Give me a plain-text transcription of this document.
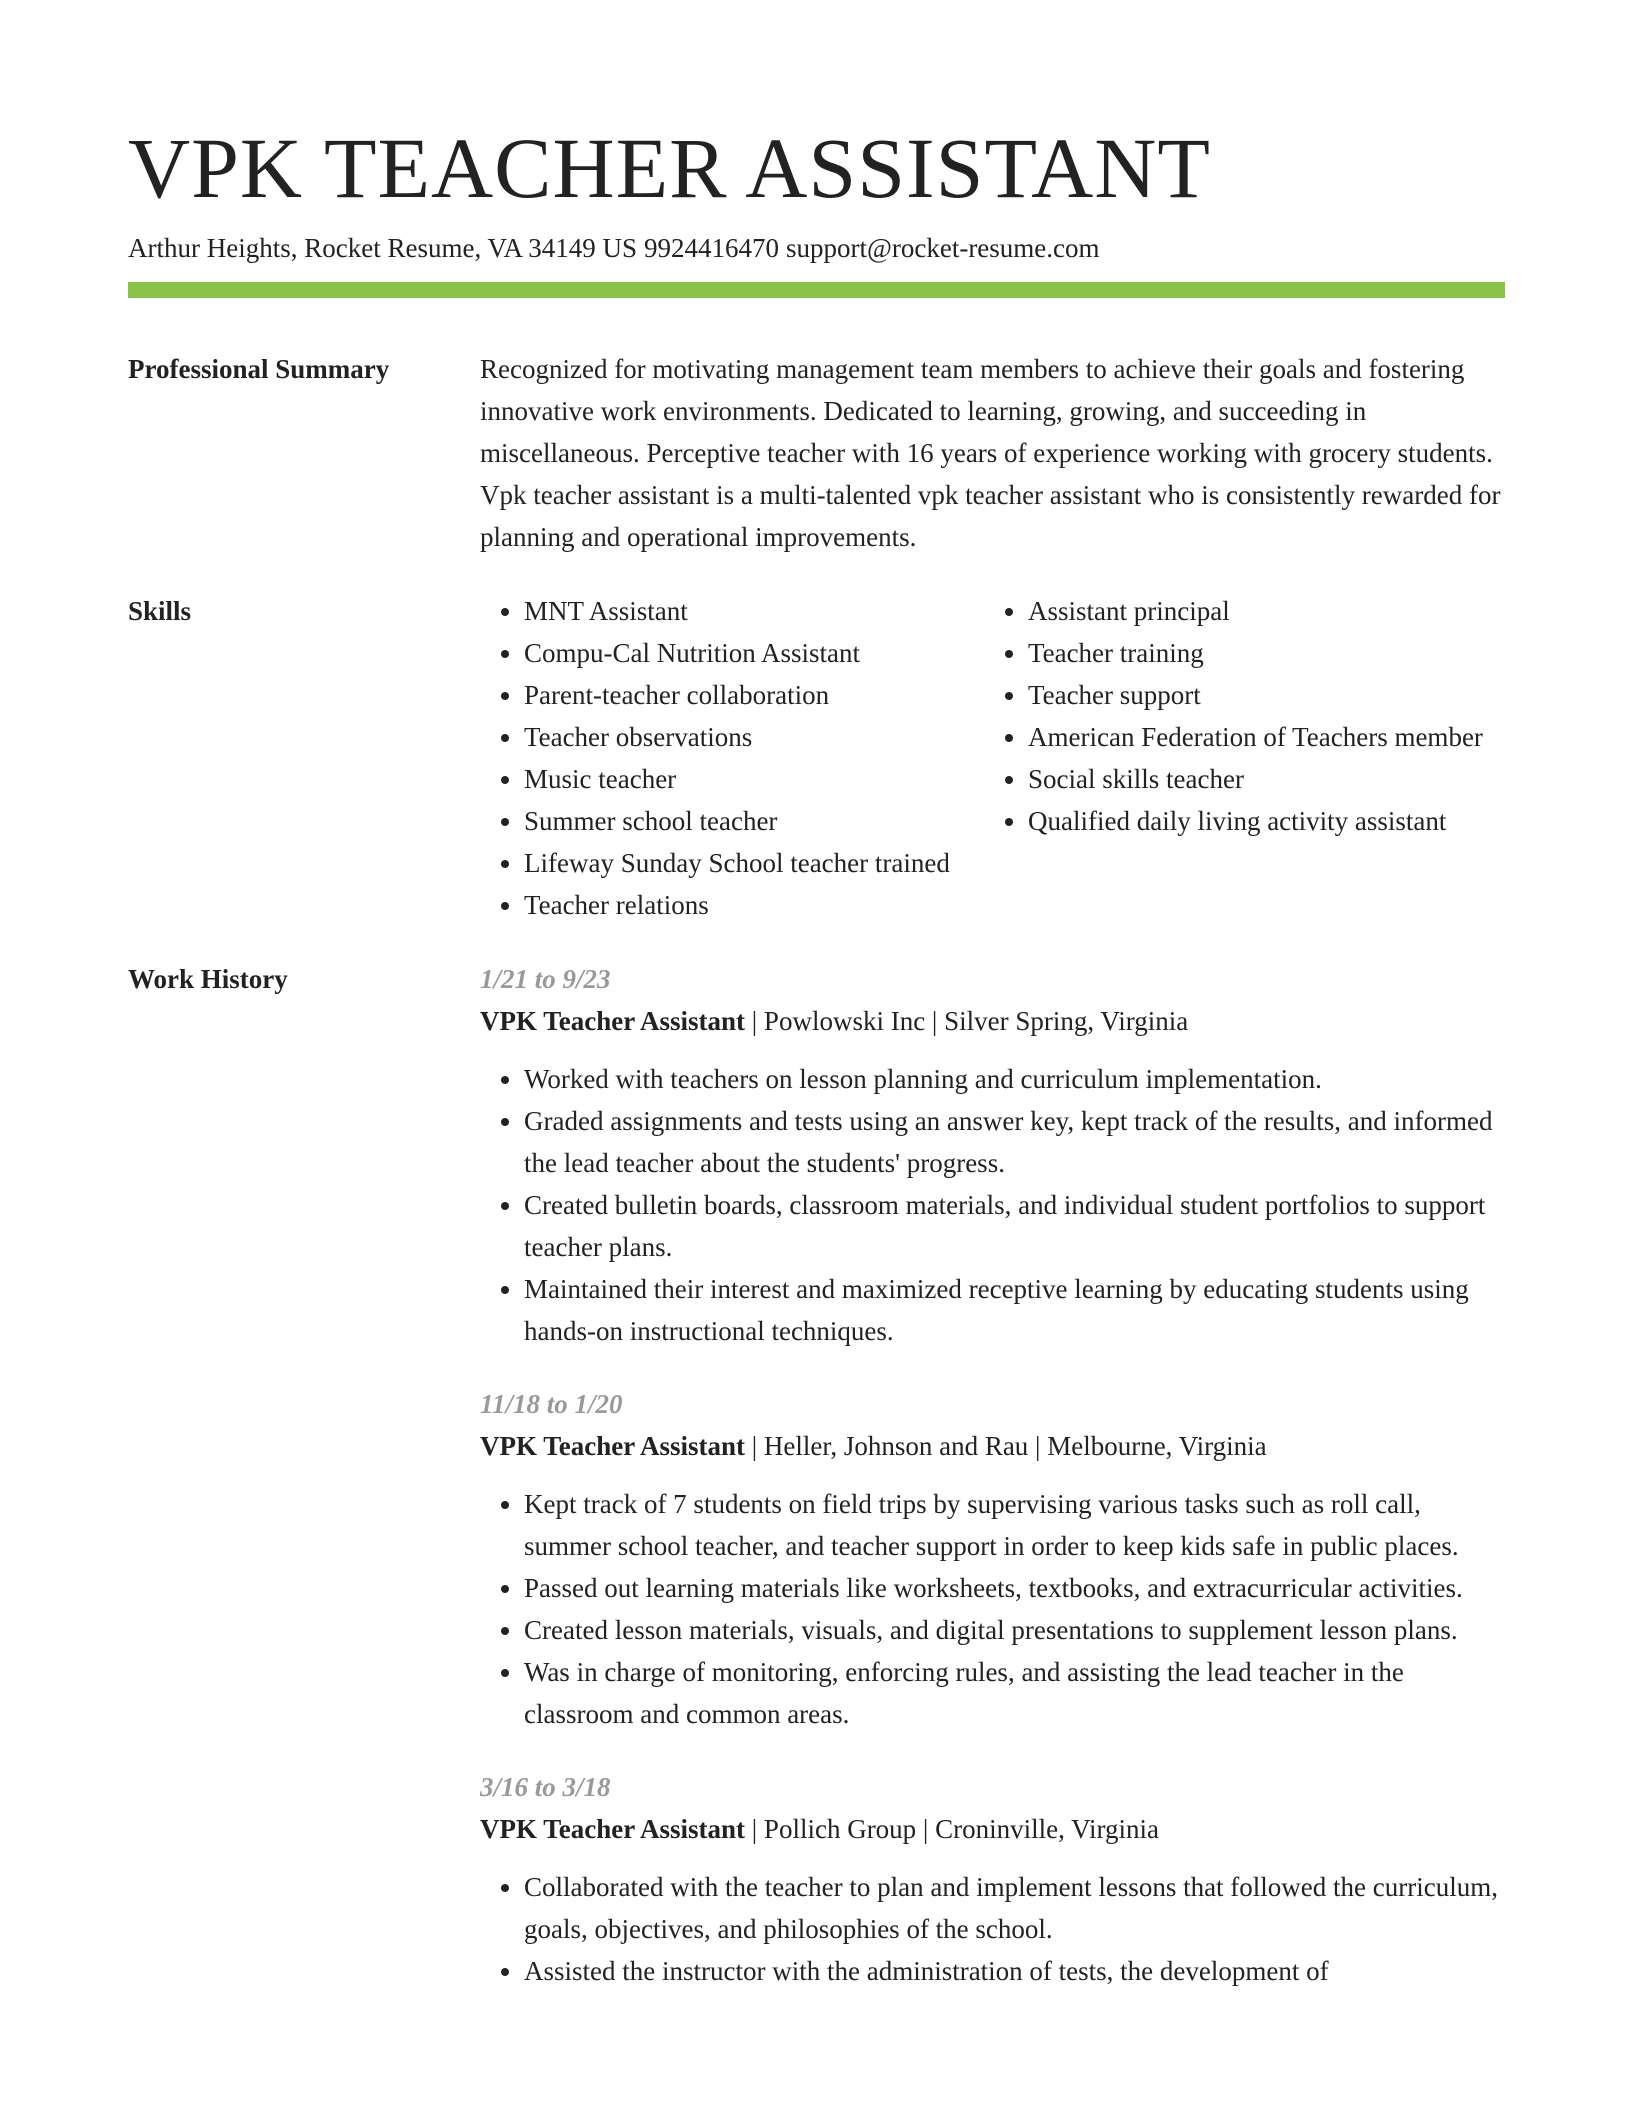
VPK TEACHER ASSISTANT
Arthur Heights, Rocket Resume, VA 34149 US 9924416470 support@rocket-resume.com
Professional Summary	Recognized for motivating management team members to achieve their goals and fostering innovative work environments. Dedicated to learning, growing, and succeeding in miscellaneous. Perceptive teacher with 16 years of experience working with grocery students. Vpk teacher assistant is a multi-talented vpk teacher assistant who is consistently rewarded for planning and operational improvements.

Skills
•	MNT Assistant
• Compu-Cal Nutrition Assistant
• Parent-teacher collaboration
• Teacher observations
• Music teacher
• Summer school teacher
• Lifeway Sunday School teacher trained
• Teacher relations
• Assistant principal
• Teacher training
• Teacher support
• American Federation of Teachers member
• Social skills teacher
• Qualified daily living activity assistant
Work History	1/21 to 9/23
VPK Teacher Assistant | Powlowski Inc | Silver Spring, Virginia
• Worked with teachers on lesson planning and curriculum implementation.
• Graded assignments and tests using an answer key, kept track of the results, and informed the lead teacher about the students' progress.
• Created bulletin boards, classroom materials, and individual student portfolios to support teacher plans.
• Maintained their interest and maximized receptive learning by educating students using hands-on instructional techniques.
11/18 to 1/20
VPK Teacher Assistant | Heller, Johnson and Rau | Melbourne, Virginia
• Kept track of 7 students on field trips by supervising various tasks such as roll call, summer school teacher, and teacher support in order to keep kids safe in public places.
• Passed out learning materials like worksheets, textbooks, and extracurricular activities.
• Created lesson materials, visuals, and digital presentations to supplement lesson plans.
• Was in charge of monitoring, enforcing rules, and assisting the lead teacher in the classroom and common areas.
3/16 to 3/18
VPK Teacher Assistant | Pollich Group | Croninville, Virginia
• Collaborated with the teacher to plan and implement lessons that followed the curriculum, goals, objectives, and philosophies of the school.
• Assisted the instructor with the administration of tests, the development of
